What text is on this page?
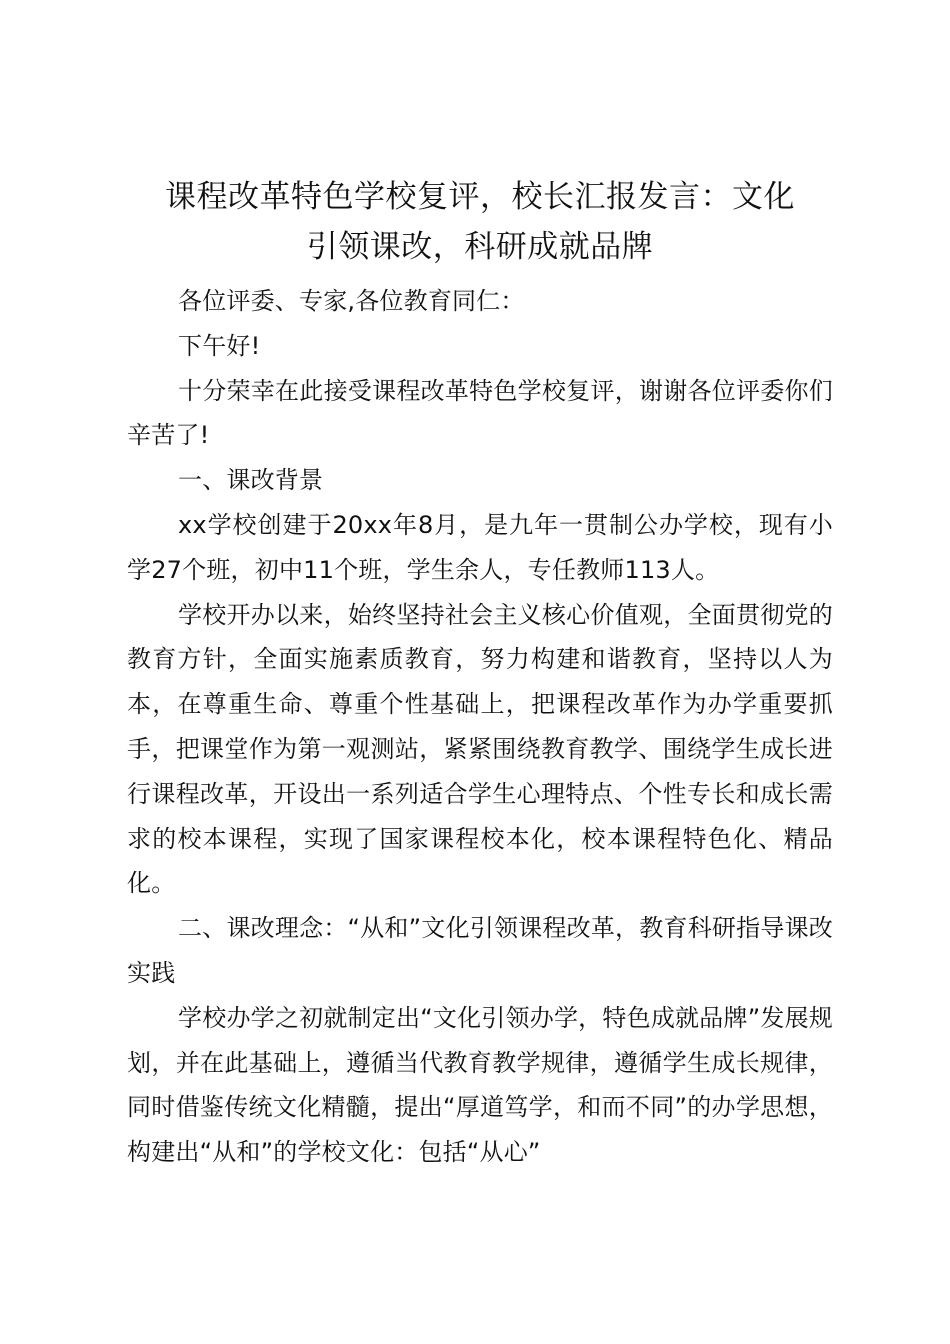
课程改革特色学校复评，校长汇报发言：文化
引领课改，科研成就品牌

各位评委、专家,各位教育同仁：

下午好!

十分荣幸在此接受课程改革特色学校复评，谢谢各位评委你们辛苦了!

一、课改背景

xx学校创建于20xx年8月，是九年一贯制公办学校，现有小学27个班，初中11个班，学生余人，专任教师113人。

学校开办以来，始终坚持社会主义核心价值观，全面贯彻党的教育方针，全面实施素质教育，努力构建和谐教育，坚持以人为本，在尊重生命、尊重个性基础上，把课程改革作为办学重要抓手，把课堂作为第一观测站，紧紧围绕教育教学、围绕学生成长进行课程改革，开设出一系列适合学生心理特点、个性专长和成长需求的校本课程，实现了国家课程校本化，校本课程特色化、精品化。

二、课改理念：“从和”文化引领课程改革，教育科研指导课改实践

学校办学之初就制定出“文化引领办学，特色成就品牌”发展规划，并在此基础上，遵循当代教育教学规律，遵循学生成长规律，同时借鉴传统文化精髓，提出“厚道笃学，和而不同”的办学思想，构建出“从和”的学校文化：包括“从心”
